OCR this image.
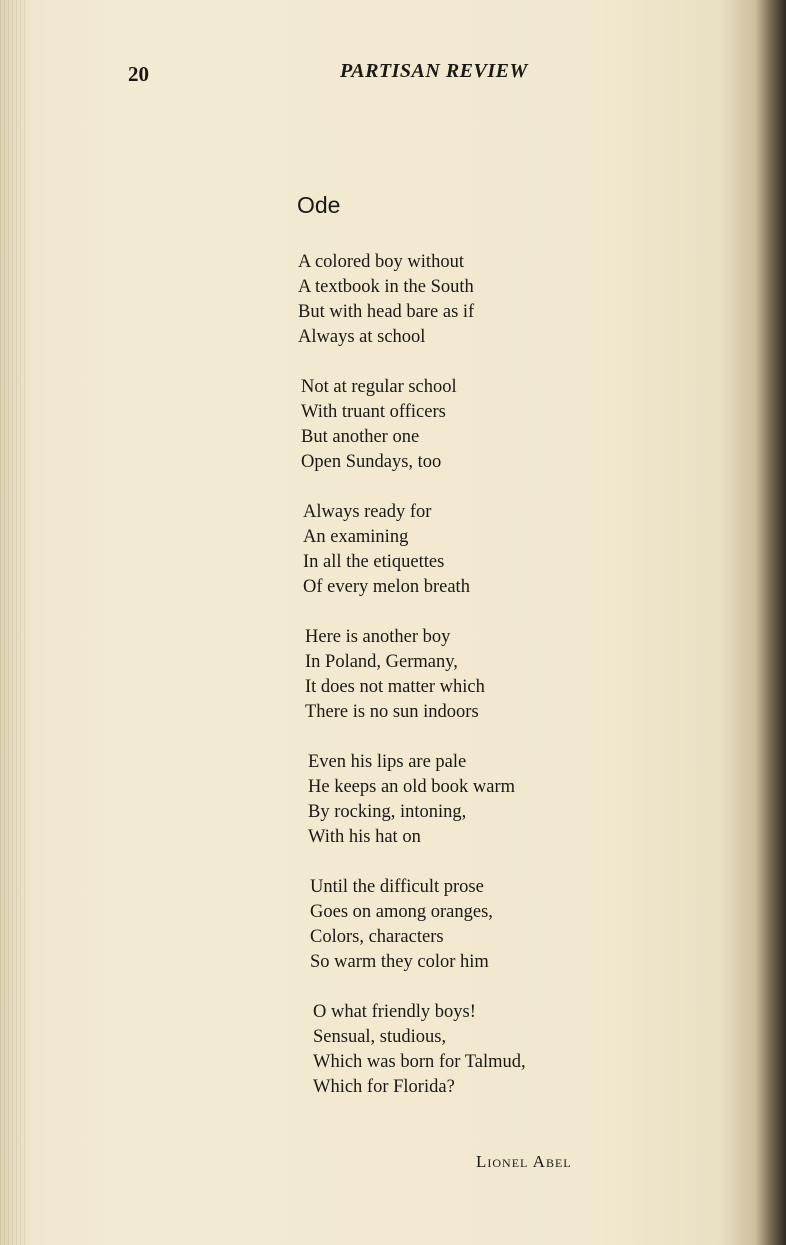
20	PARTISAN REVIEW
Ode
A colored boy without
A textbook in the South
But with head bare as if
Always at school
Not at regular school
With truant officers
But another one
Open Sundays, too
Always ready for
An examining
In all the etiquettes
Of every melon breath
Here is another boy
In Poland, Germany,
It does not matter which
There is no sun indoors
Even his lips are pale
He keeps an old book warm
By rocking, intoning,
With his hat on
Until the difficult prose
Goes on among oranges,
Colors, characters
So warm they color him
O what friendly boys!
Sensual, studious,
Which was born for Talmud,
Which for Florida?
Lionel Abel
